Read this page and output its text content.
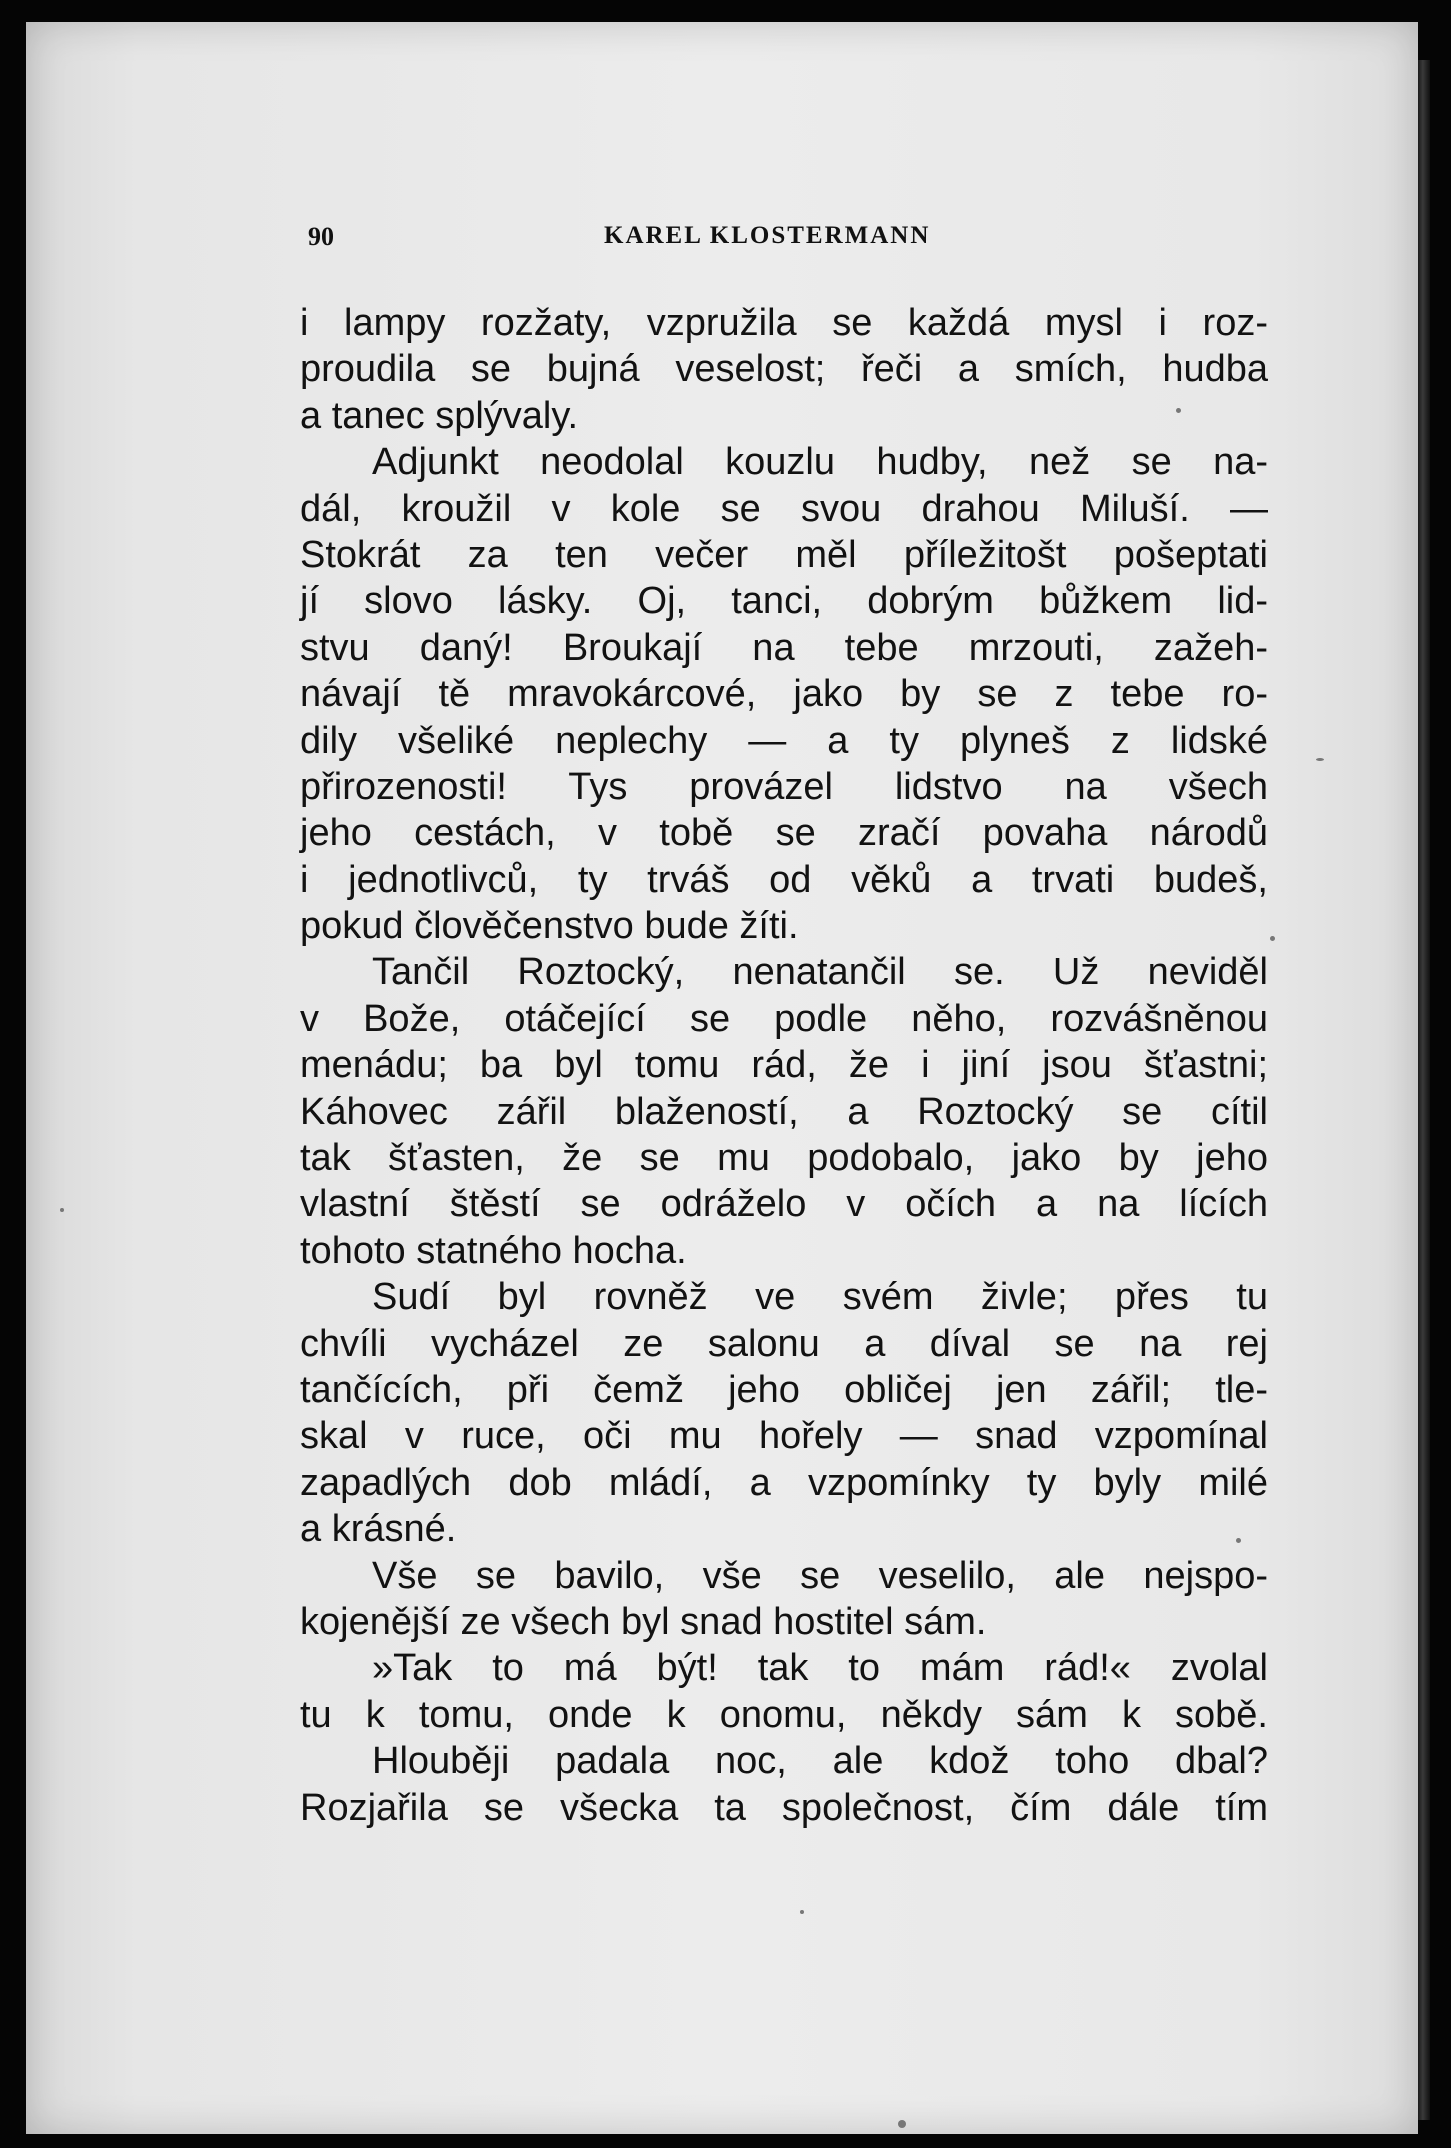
90	KAREL KLOSTERMANN
i lampy rozžaty, vzpružila se každá mysl i roz-
proudila se bujná veselost; řeči a smích, hudba
a tanec splývaly.
Adjunkt neodolal kouzlu hudby, než se na-
dál, kroužil v kole se svou drahou Miluší. —
Stokrát za ten večer měl příležitošt pošeptati
jí slovo lásky. Oj, tanci, dobrým bůžkem lid-
stvu daný! Broukají na tebe mrzouti, zažeh-
návají tě mravokárcové, jako by se z tebe ro-
dily všeliké neplechy — a ty plyneš z lidské
přirozenosti! Tys provázel lidstvo na všech
jeho cestách, v tobě se zračí povaha národů
i jednotlivců, ty trváš od věků a trvati budeš,
pokud člověčenstvo bude žíti.
Tančil Roztocký, nenatančil se. Už neviděl
v Bože, otáčející se podle něho, rozvášněnou
menádu; ba byl tomu rád, že i jiní jsou šťastni;
Káhovec zářil blažeností, a Roztocký se cítil
tak šťasten, že se mu podobalo, jako by jeho
vlastní štěstí se odráželo v očích a na lících
tohoto statného hocha.
Sudí byl rovněž ve svém živle; přes tu
chvíli vycházel ze salonu a díval se na rej
tančících, při čemž jeho obličej jen zářil; tle-
skal v ruce, oči mu hořely — snad vzpomínal
zapadlých dob mládí, a vzpomínky ty byly milé
a krásné.
Vše se bavilo, vše se veselilo, ale nejspo-
kojenější ze všech byl snad hostitel sám.
»Tak to má být! tak to mám rád!« zvolal
tu k tomu, onde k onomu, někdy sám k sobě.
Hlouběji padala noc, ale kdož toho dbal?
Rozjařila se všecka ta společnost, čím dále tím
